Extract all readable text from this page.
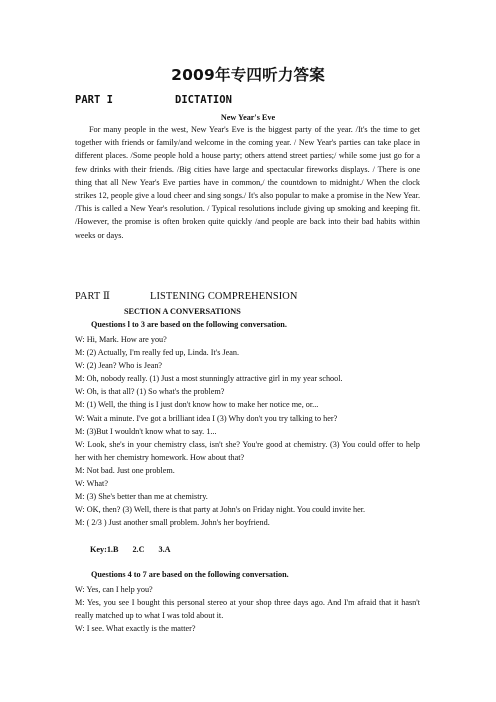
2009年专四听力答案
PART I	DICTATION
New Year's Eve

For many people in the west, New Year's Eve is the biggest party of the year. /It's the time to get together with friends or family/and welcome in the coming year. / New Year's parties can take place in different places. /Some people hold a house party; others attend street parties;/ while some just go for a few drinks with their friends. /Big cities have large and spectacular fireworks displays. / There is one thing that all New Year's Eve parties have in common,/ the countdown to midnight./ When the clock strikes 12, people give a loud cheer and sing songs./ It's also popular to make a promise in the New Year. /This is called a New Year's resolution. / Typical resolutions include giving up smoking and keeping fit. /However, the promise is often broken quite quickly /and people are back into their bad habits within weeks or days.

PART Ⅱ	LISTENING COMPREHENSION
SECTION A CONVERSATIONS
Questions l to 3 are based on the following conversation.

W: Hi, Mark. How are you?

M: (2) Actually, I'm really fed up, Linda. It's Jean.

W: (2) Jean? Who is Jean?

M: Oh, nobody really. (1) Just a most stunningly attractive girl in my year school.

W: Oh, is that all? (1) So what's the problem?

M: (1) Well, the thing is I just don't know how to make her notice me, or...

W: Wait a minute. I've got a brilliant idea I (3) Why don't you try talking to her?

M: (3)But I wouldn't know what to say. 1...

W: Look, she's in your chemistry class, isn't she? You're good at chemistry. (3) You could offer to help her with her chemistry homework. How about that?

M: Not bad. Just one problem.

W: What?

M: (3) She's better than me at chemistry.

W: OK, then? (3) Well, there is that party at John's on Friday night. You could invite her.

M: ( 2/3 ) Just another small problem. John's her boyfriend.

Key:1.B 2.C 3.A
Questions 4 to 7 are based on the following conversation.

W: Yes, can I help you?

M: Yes, you see I bought this personal stereo at your shop three days ago. And I'm afraid that it hasn't really matched up to what I was told about it.

W: I see. What exactly is the matter?
